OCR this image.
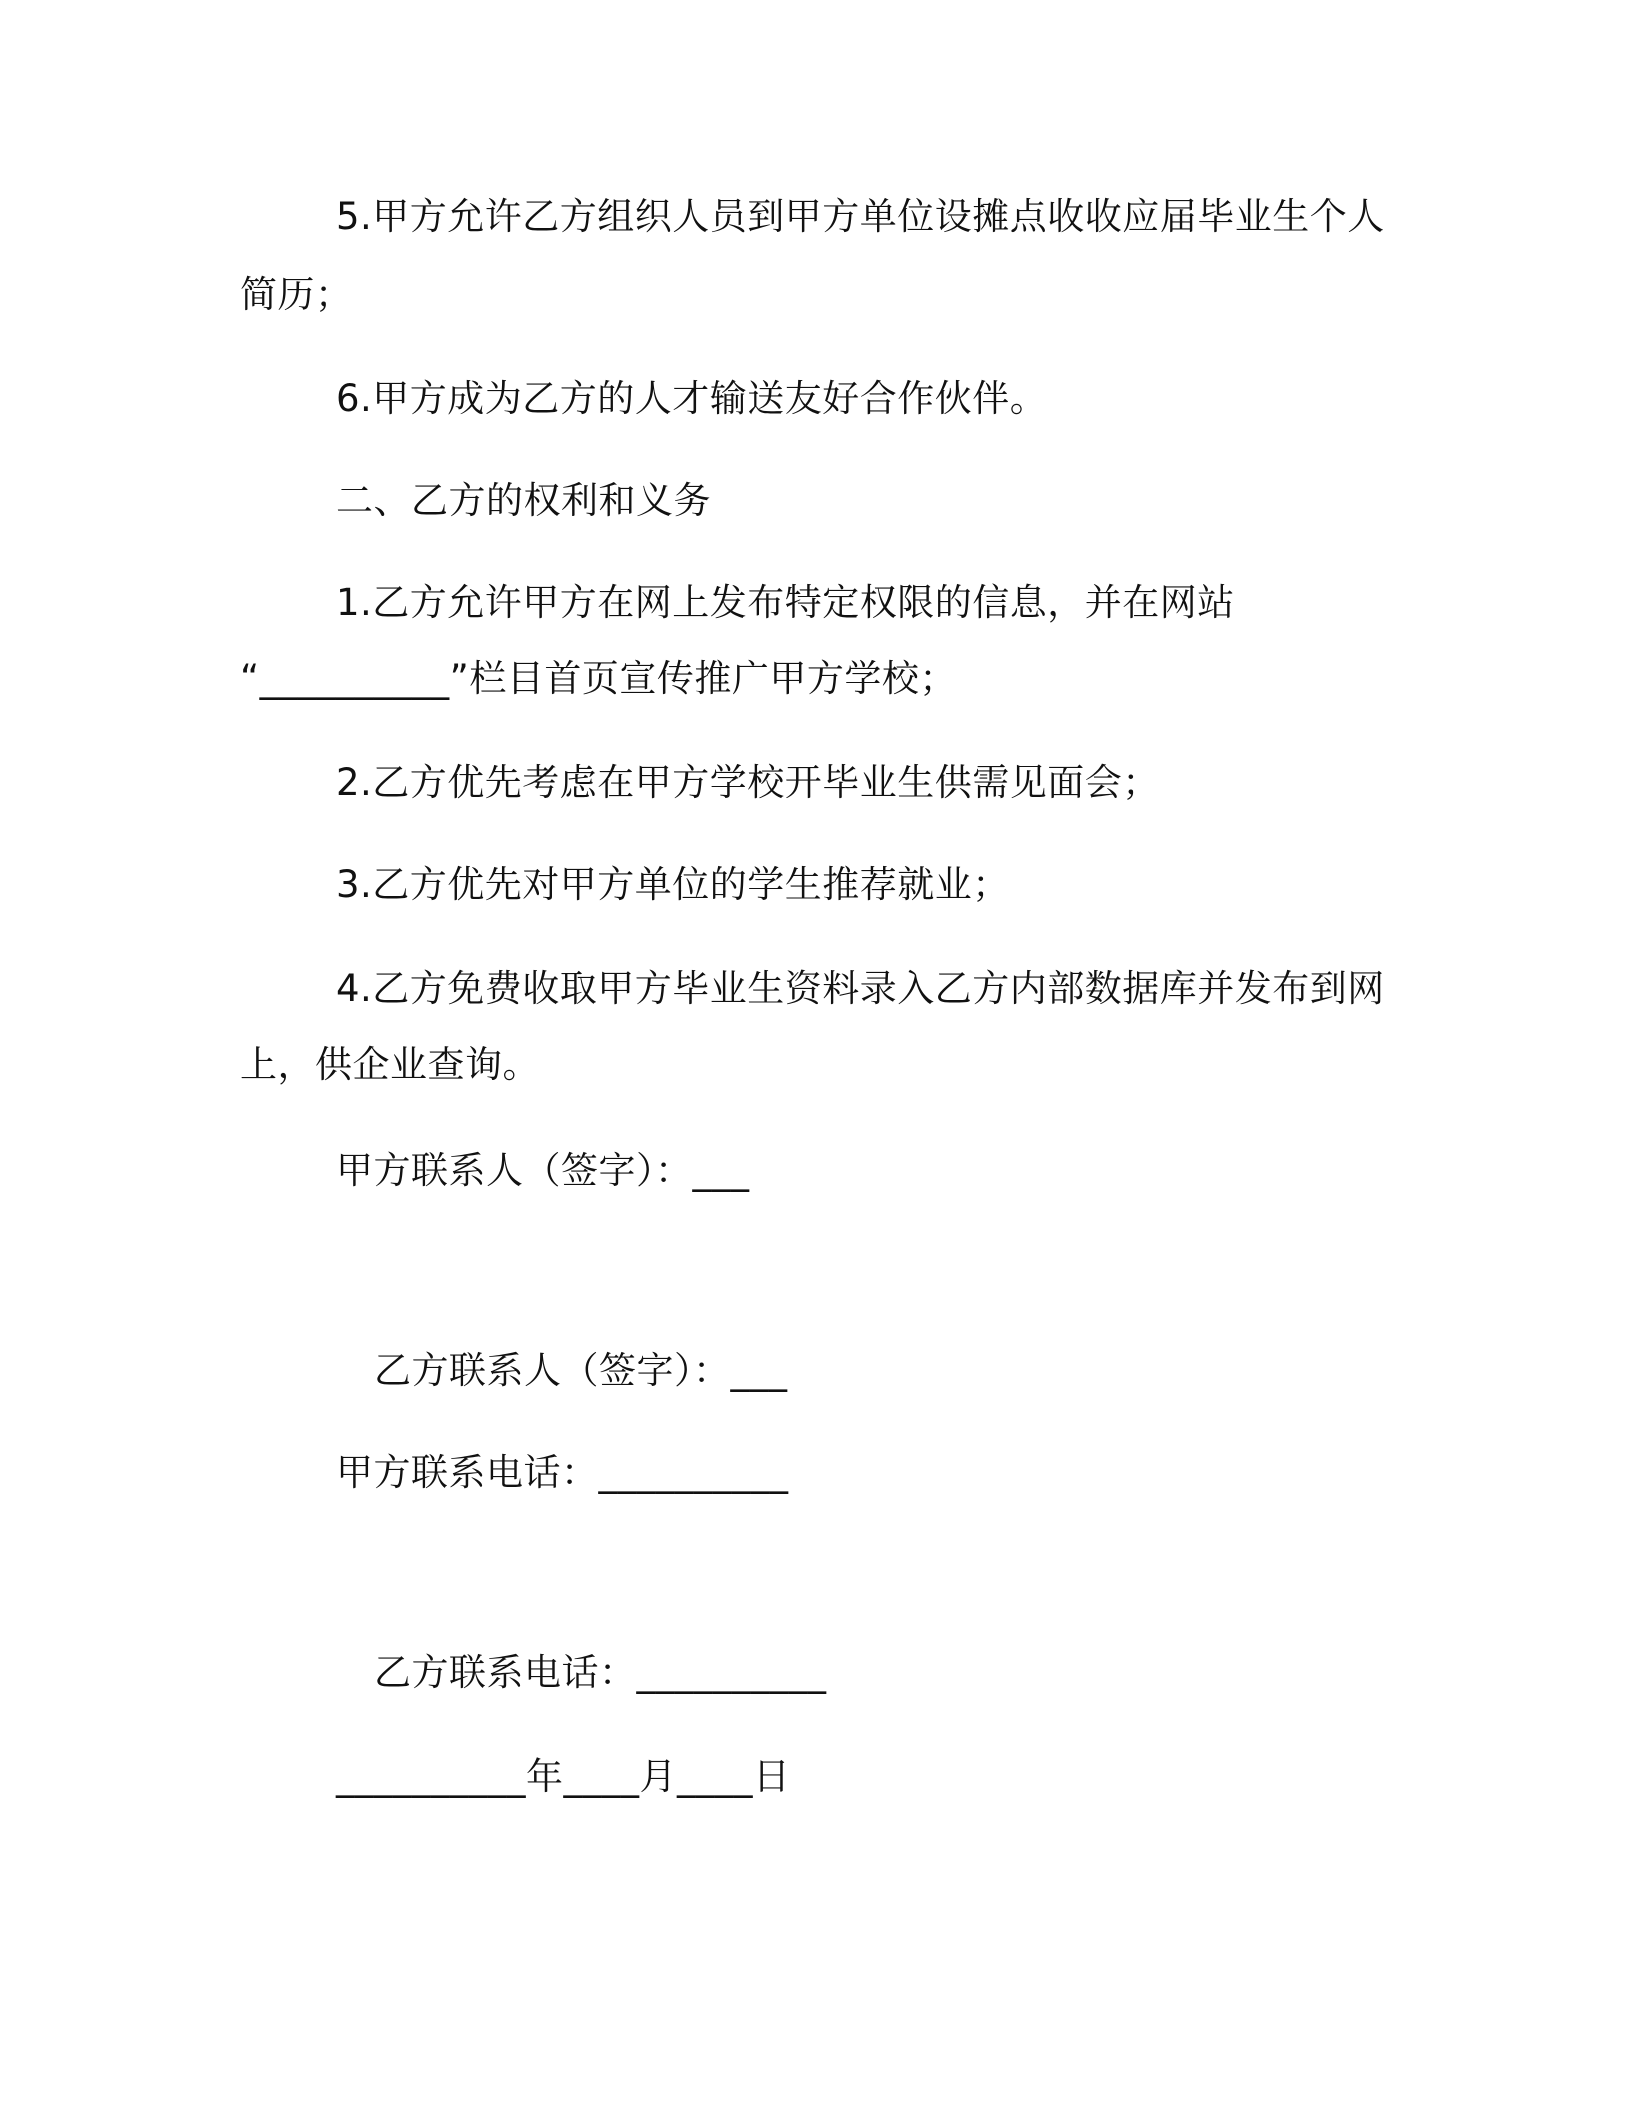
5.甲方允许乙方组织人员到甲方单位设摊点收收应届毕业生个人
简历；
6.甲方成为乙方的人才输送友好合作伙伴。
二、乙方的权利和义务
1.乙方允许甲方在网上发布特定权限的信息，并在网站
“__________”栏目首页宣传推广甲方学校；
2.乙方优先考虑在甲方学校开毕业生供需见面会；
3.乙方优先对甲方单位的学生推荐就业；
4.乙方免费收取甲方毕业生资料录入乙方内部数据库并发布到网
上，供企业查询。
甲方联系人（签字）：___
乙方联系人（签字）：___
甲方联系电话：__________
乙方联系电话：__________
__________年____月____日
